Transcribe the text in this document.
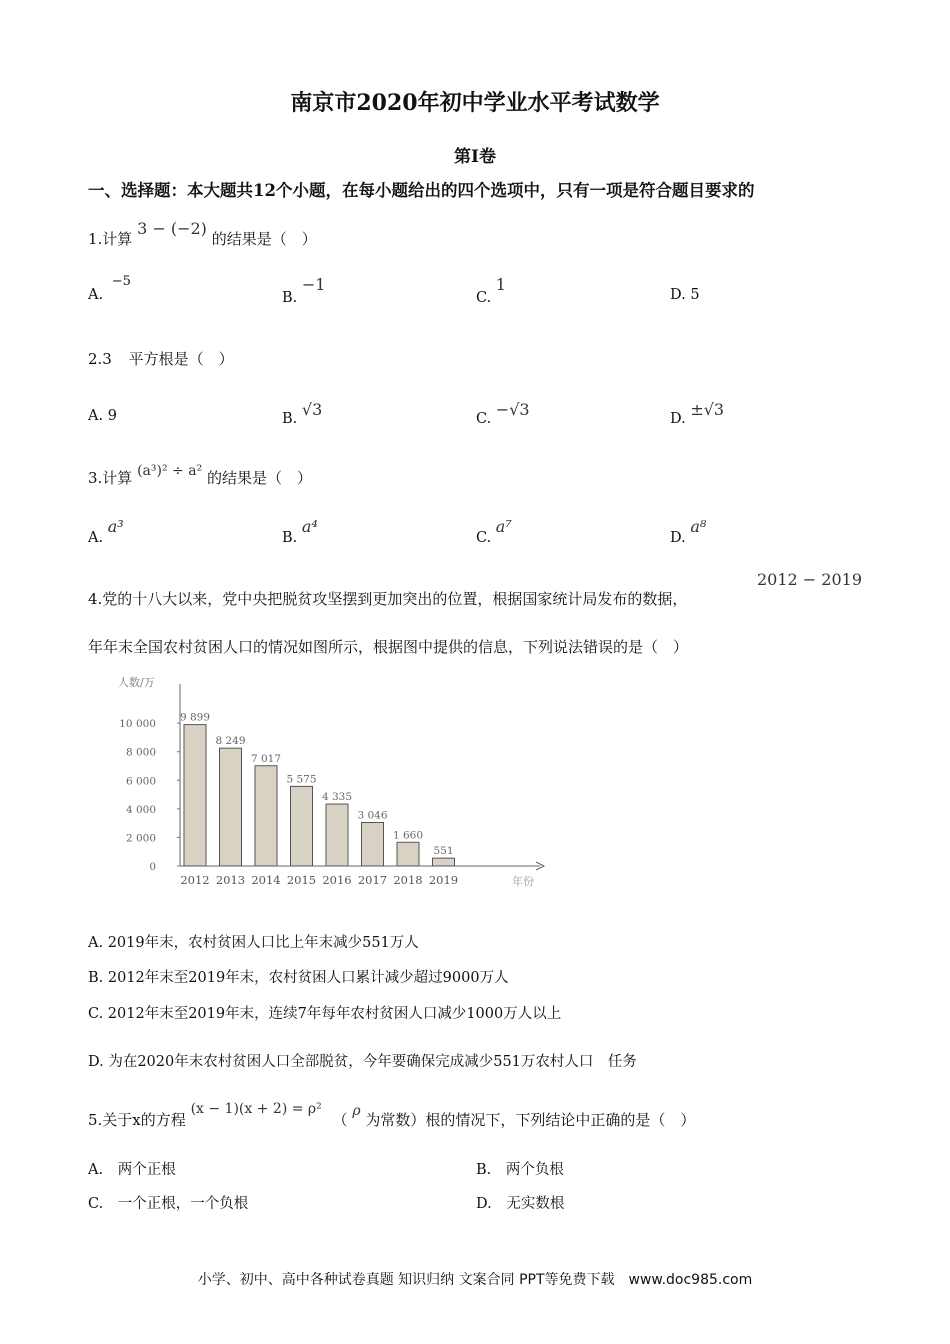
南京市2020年初中学业水平考试数学
第Ⅰ卷
一、选择题：本大题共12个小题，在每小题给出的四个选项中，只有一项是符合题目要求的
1.计算 3 − (−2) 的结果是（　）
A. −5
B. −1
C. 1
D. 5
2.3 平方根是（　）
A. 9	B. √3	C. −√3	D. ±√3
3.计算 (a³)² ÷ a² 的结果是（　）
A. a³
B. a⁴
C. a⁷
D. a⁸
4.党的十八大以来，党中央把脱贫攻坚摆到更加突出的位置，根据国家统计局发布的数据，
2012 − 2019
年年末全国农村贫困人口的情况如图所示，根据图中提供的信息，下列说法错误的是（　）
人数/万
年份
0
2 000
4 000
6 000
8 000
10 000
9 899
2012
8 249
2013
7 017
2014
5 575
2015
4 335
2016
3 046
2017
1 660
2018
551
2019
A. 2019年末，农村贫困人口比上年末减少551万人
B. 2012年末至2019年末，农村贫困人口累计减少超过9000万人
C. 2012年末至2019年末，连续7年每年农村贫困人口减少1000万人以上
D. 为在2020年末农村贫困人口全部脱贫，今年要确保完成减少551万农村人口　任务
5.关于x的方程 (x − 1)(x + 2) = ρ² （ ρ 为常数）根的情况下，下列结论中正确的是（　）
A. 两个正根	B. 两个负根
C. 一个正根，一个负根	D. 无实数根
小学、初中、高中各种试卷真题 知识归纳 文案合同 PPT等免费下载　www.doc985.com
